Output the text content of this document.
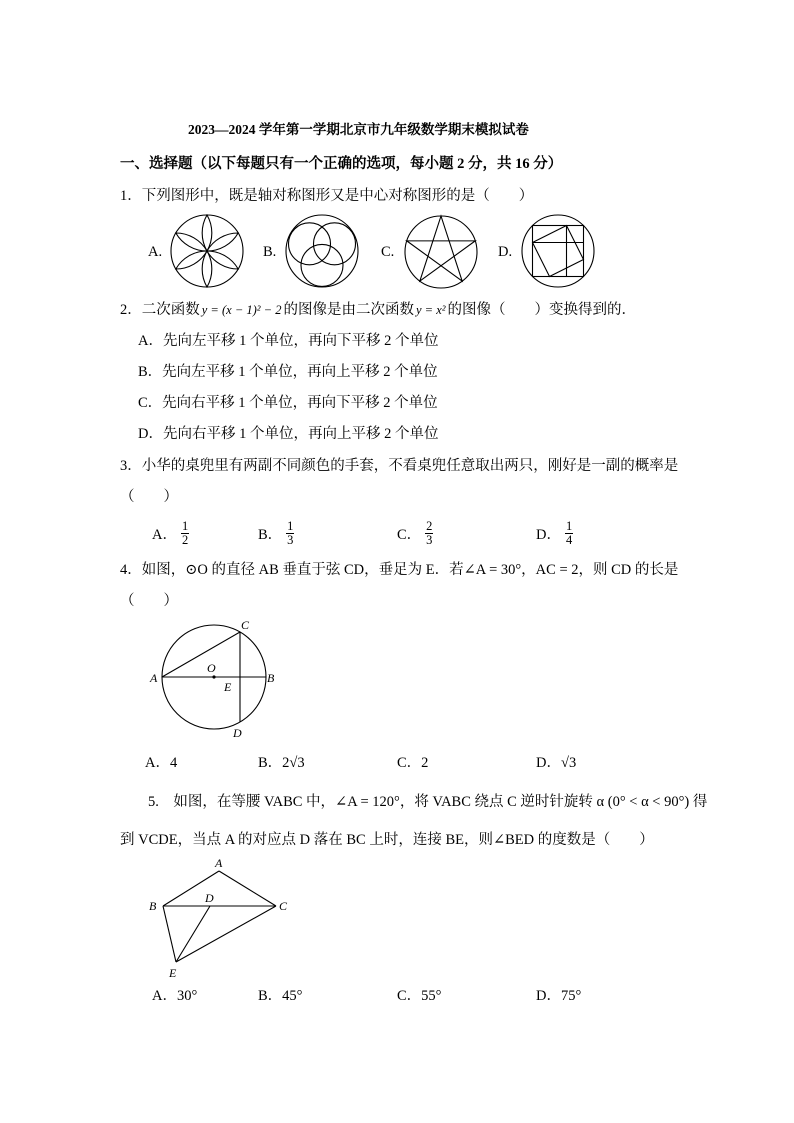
2023—2024 学年第一学期北京市九年级数学期末模拟试卷
一、选择题（以下每题只有一个正确的选项，每小题 2 分，共 16 分）
1．下列图形中，既是轴对称图形又是中心对称图形的是（　　）
A.	B.	C.	D.
2．二次函数 y = (x − 1)² − 2 的图像是由二次函数 y = x² 的图像（　　）变换得到的．
A．先向左平移 1 个单位，再向下平移 2 个单位
B．先向左平移 1 个单位，再向上平移 2 个单位
C．先向右平移 1 个单位，再向下平移 2 个单位
D．先向右平移 1 个单位，再向上平移 2 个单位
3．小华的桌兜里有两副不同颜色的手套，不看桌兜任意取出两只，刚好是一副的概率是
（　　）
A． $\frac{1}{2}$	B． $\frac{1}{3}$	C． $\frac{2}{3}$	D． $\frac{1}{4}$
4．如图，⊙O 的直径 AB 垂直于弦 CD，垂足为 E．若∠A = 30°，AC = 2，则 CD 的长是
（　　）
A	B
C
D
E
O
A．4	B．2√3	C．2	D．√3
5.　如图，在等腰 VABC 中，∠A = 120°，将 VABC 绕点 C 逆时针旋转 α (0° < α < 90°) 得
到 VCDE，当点 A 的对应点 D 落在 BC 上时，连接 BE，则∠BED 的度数是（　　）
A
B
D
C
E
A．30°	B．45°	C．55°	D．75°
